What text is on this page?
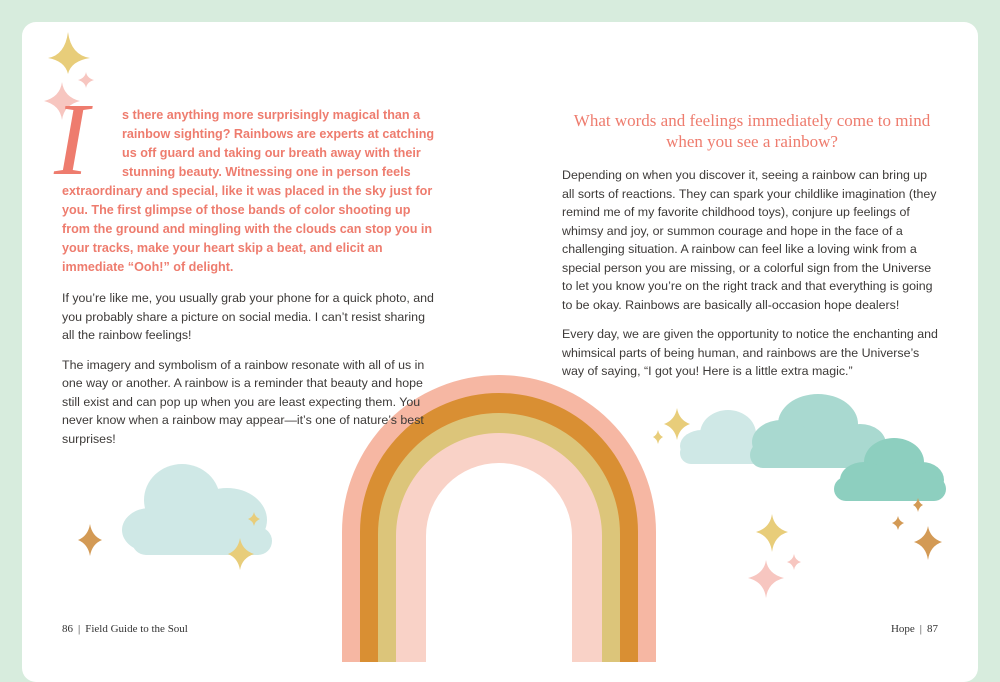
I	s there anything more surprisingly magical than a rainbow sighting? Rainbows are experts at catching us off guard and taking our breath away with their stunning beauty. Witnessing one in person feels extraordinary and special, like it was placed in the sky just for you. The first glimpse of those bands of color shooting up from the ground and mingling with the clouds can stop you in your tracks, make your heart skip a beat, and elicit an immediate “Ooh!” of delight.

If you’re like me, you usually grab your phone for a quick photo, and you probably share a picture on social media. I can’t resist sharing all the rainbow feelings!

The imagery and symbolism of a rainbow resonate with all of us in one way or another. A rainbow is a reminder that beauty and hope still exist and can pop up when you are least expecting them. You never know when a rainbow may appear—it’s one of nature’s best surprises!

What words and feelings immediately come to mind when you see a rainbow?

Depending on when you discover it, seeing a rainbow can bring up all sorts of reactions. They can spark your childlike imagination (they remind me of my favorite childhood toys), conjure up feelings of whimsy and joy, or summon courage and hope in the face of a challenging situation. A rainbow can feel like a loving wink from a special person you are missing, or a colorful sign from the Universe to let you know you’re on the right track and that everything is going to be okay. Rainbows are basically all-occasion hope dealers!

Every day, we are given the opportunity to notice the enchanting and whimsical parts of being human, and rainbows are the Universe’s way of saying, “I got you! Here is a little extra magic.”

86 | Field Guide to the Soul	Hope | 87
